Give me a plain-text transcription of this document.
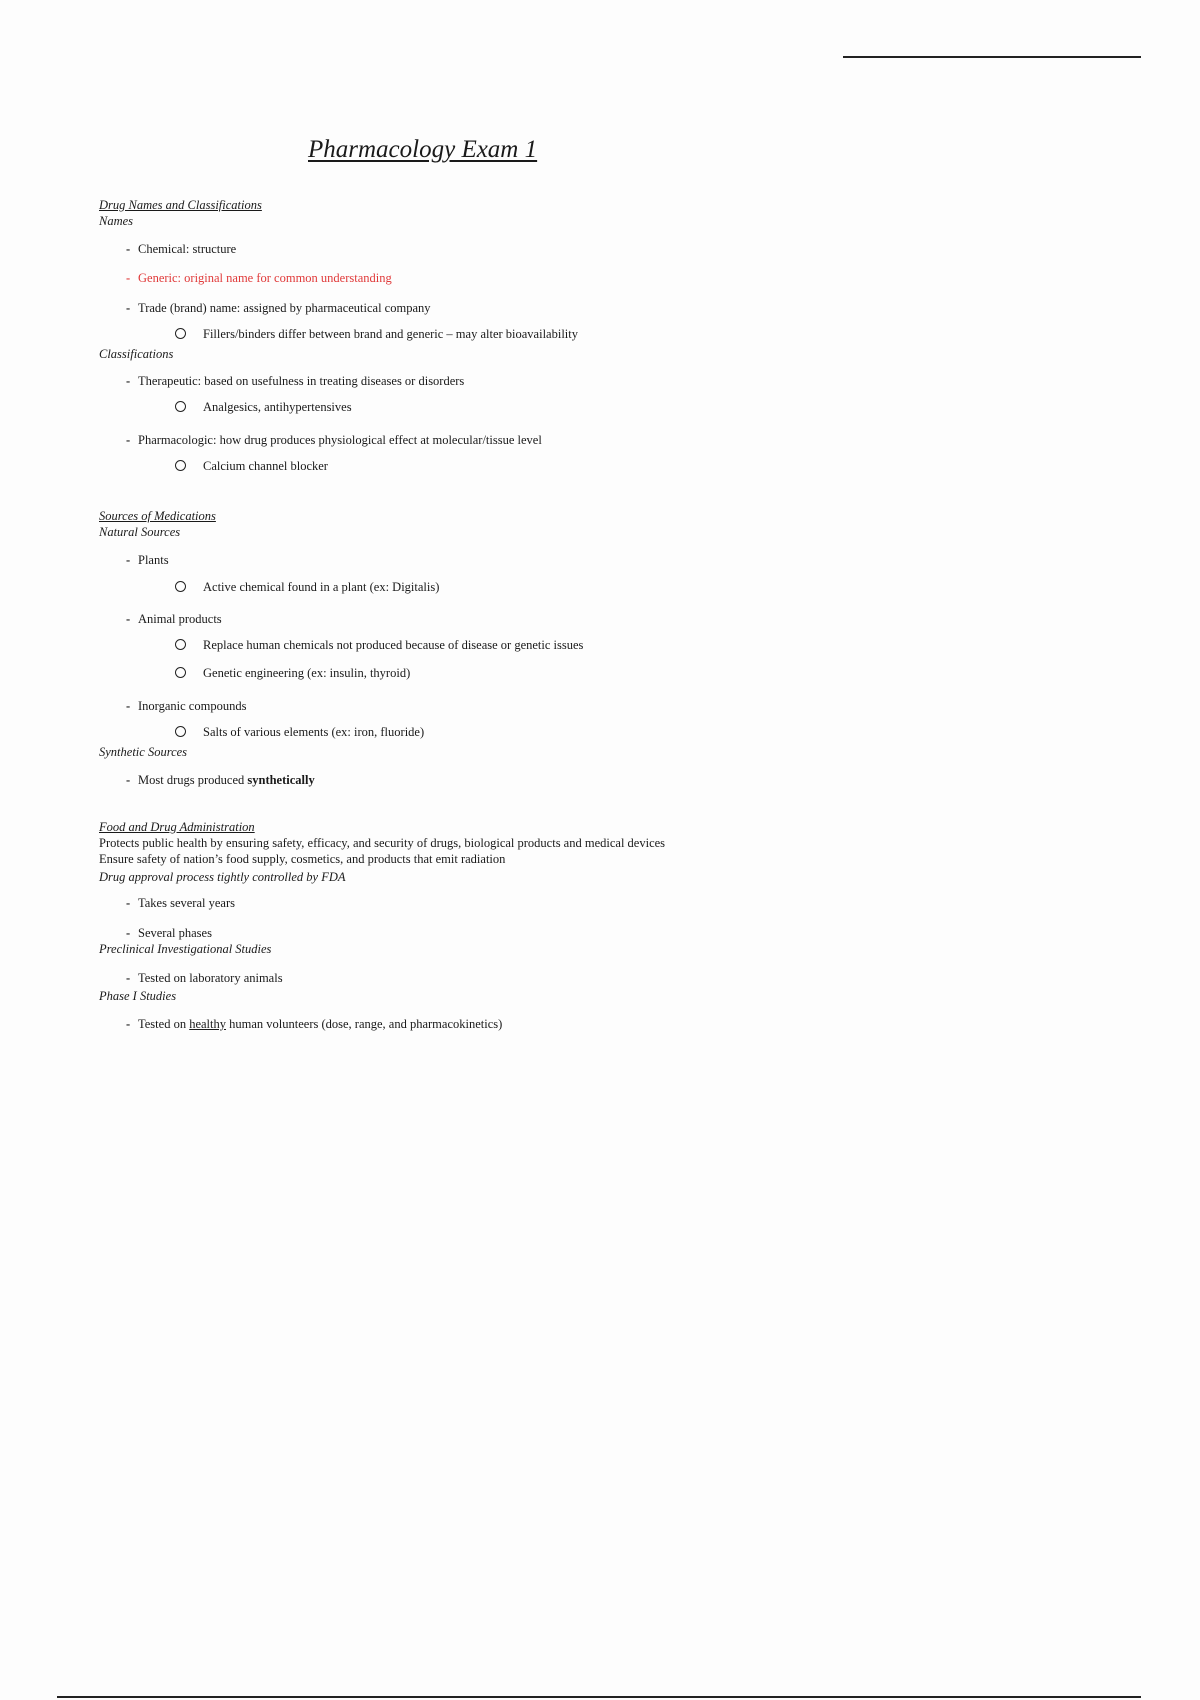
Pharmacology Exam 1
Drug Names and Classifications
Names
- Chemical: structure
- Generic: original name for common understanding
- Trade (brand) name: assigned by pharmaceutical company
Fillers/binders differ between brand and generic – may alter bioavailability
Classifications
- Therapeutic: based on usefulness in treating diseases or disorders
Analgesics, antihypertensives
- Pharmacologic: how drug produces physiological effect at molecular/tissue level
Calcium channel blocker
Sources of Medications
Natural Sources
- Plants
Active chemical found in a plant (ex: Digitalis)
- Animal products
Replace human chemicals not produced because of disease or genetic issues
Genetic engineering (ex: insulin, thyroid)
- Inorganic compounds
Salts of various elements (ex: iron, fluoride)
Synthetic Sources
- Most drugs produced synthetically
Food and Drug Administration
Protects public health by ensuring safety, efficacy, and security of drugs, biological products and medical devices
Ensure safety of nation’s food supply, cosmetics, and products that emit radiation
Drug approval process tightly controlled by FDA
- Takes several years
- Several phases
Preclinical Investigational Studies
- Tested on laboratory animals
Phase I Studies
- Tested on healthy human volunteers (dose, range, and pharmacokinetics)
